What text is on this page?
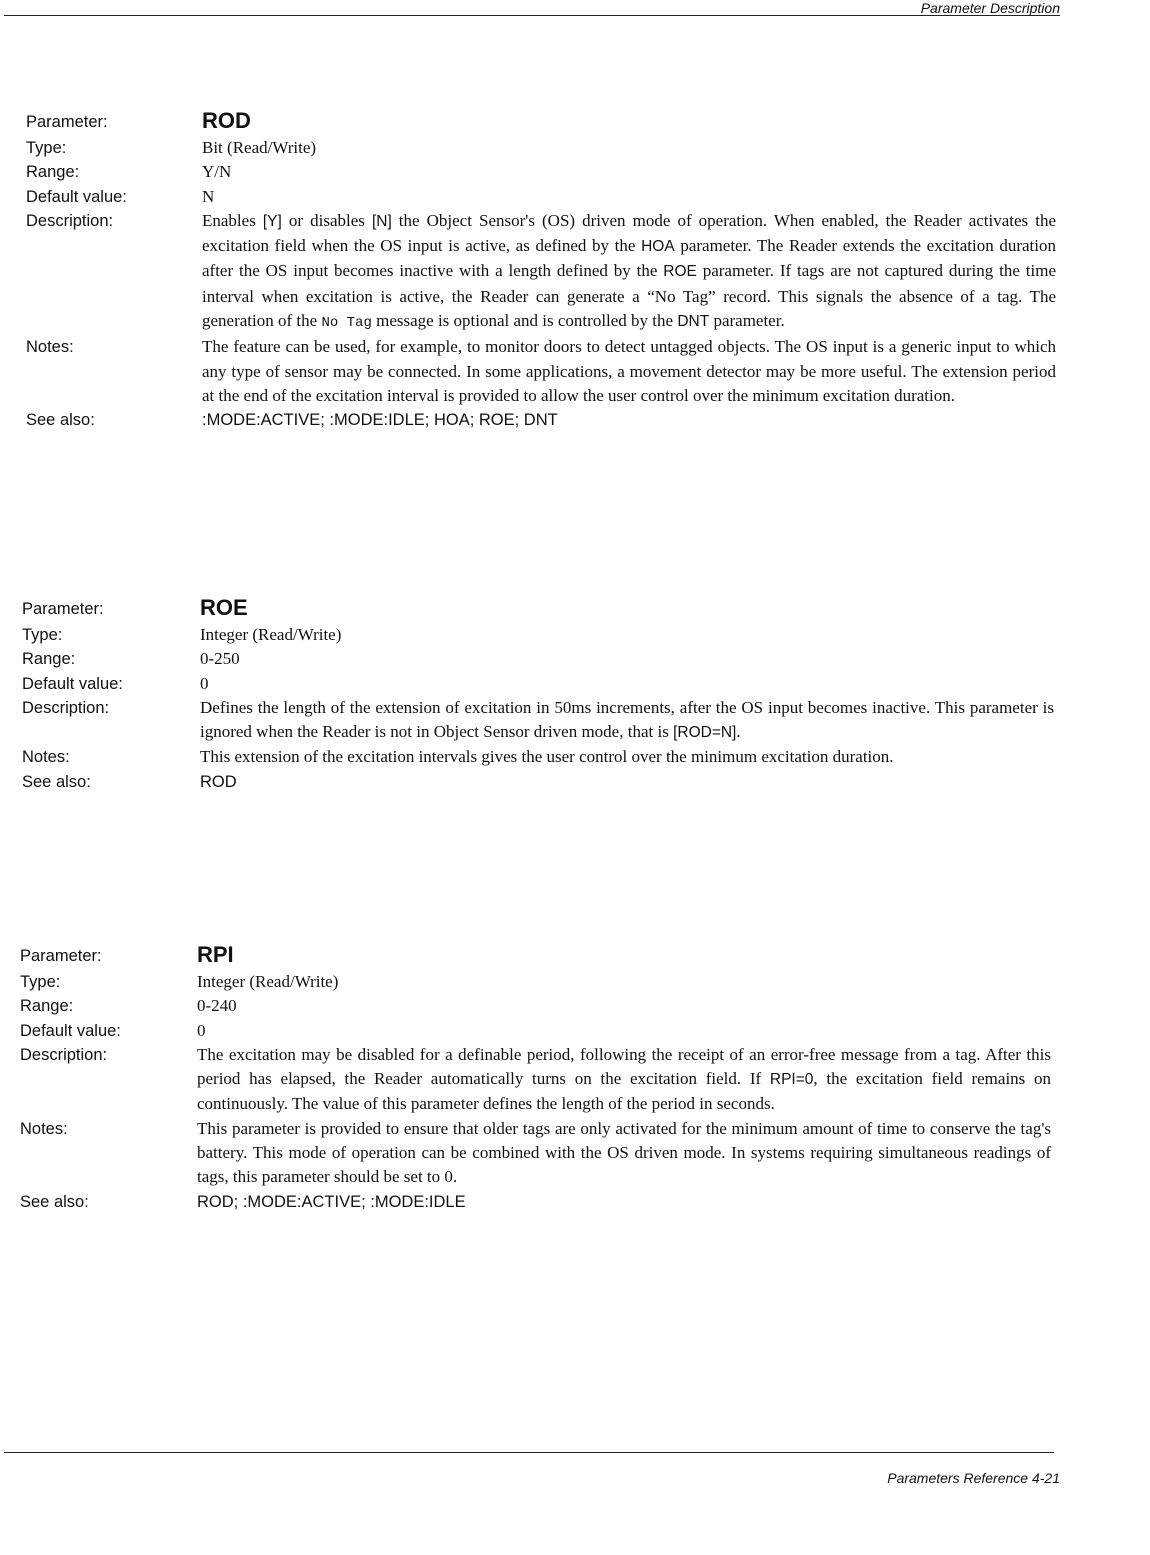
Parameter Description
Parameter:	ROD
Type:	Bit (Read/Write)
Range:	Y/N
Default value:	N
Description:	Enables [Y] or disables [N] the Object Sensor's (OS) driven mode of operation. When enabled, the Reader activates the excitation field when the OS input is active, as defined by the HOA parameter. The Reader extends the excitation duration after the OS input becomes inactive with a length defined by the ROE parameter. If tags are not captured during the time interval when excitation is active, the Reader can generate a “No Tag” record. This signals the absence of a tag. The generation of the No Tag message is optional and is controlled by the DNT parameter.
Notes:	The feature can be used, for example, to monitor doors to detect untagged objects. The OS input is a generic input to which any type of sensor may be connected. In some applications, a movement detector may be more useful. The extension period at the end of the excitation interval is provided to allow the user control over the minimum excitation duration.
See also:	:MODE:ACTIVE; :MODE:IDLE; HOA; ROE; DNT
Parameter:	ROE
Type:	Integer (Read/Write)
Range:	0-250
Default value:	0
Description:	Defines the length of the extension of excitation in 50ms increments, after the OS input becomes inactive. This parameter is ignored when the Reader is not in Object Sensor driven mode, that is [ROD=N].
Notes:	This extension of the excitation intervals gives the user control over the minimum excitation duration.
See also:	ROD
Parameter:	RPI
Type:	Integer (Read/Write)
Range:	0-240
Default value:	0
Description:	The excitation may be disabled for a definable period, following the receipt of an error-free message from a tag. After this period has elapsed, the Reader automatically turns on the excitation field. If RPI=0, the excitation field remains on continuously. The value of this parameter defines the length of the period in seconds.
Notes:	This parameter is provided to ensure that older tags are only activated for the minimum amount of time to conserve the tag's battery. This mode of operation can be combined with the OS driven mode. In systems requiring simultaneous readings of tags, this parameter should be set to 0.
See also:	ROD; :MODE:ACTIVE; :MODE:IDLE
Parameters Reference 4-21
